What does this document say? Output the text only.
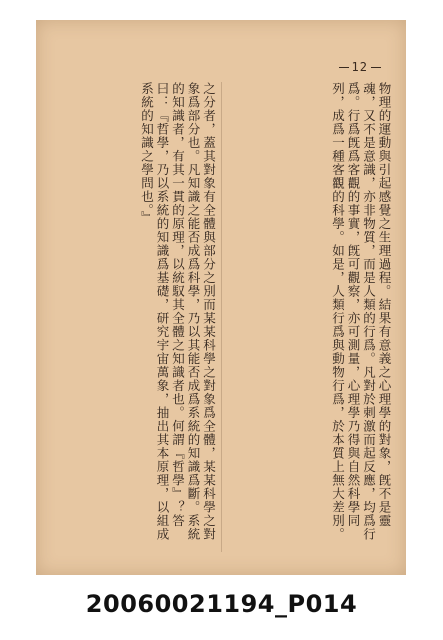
12
物理的運動與引起感覺之生理過程。結果有意義之心理學的對象，旣不是靈魂，又不是意識，亦非物質，而是人類的行爲。凡對於刺激而起反應，均爲行爲。行爲旣爲客觀的事實，旣可觀察，亦可測量，心理學乃得與自然科學同列，成爲一種客觀的科學。如是，人類行爲與動物行爲，於本質上無大差別。
之分者，蓋其對象有全體與部分之別而某某科學之對象爲全體，某某科學之對象爲部分也。凡知識之能否成爲科學，乃以其能否成爲系統的知識爲斷。系統的知識者，有其一貫的原理，以統馭其全體之知識者也。何謂『哲學』？答曰：『哲學，乃以系統的知識爲基礎，研究宇宙萬象，抽出其本原理，以組成系統的知識之學問也。』
20060021194_P014
